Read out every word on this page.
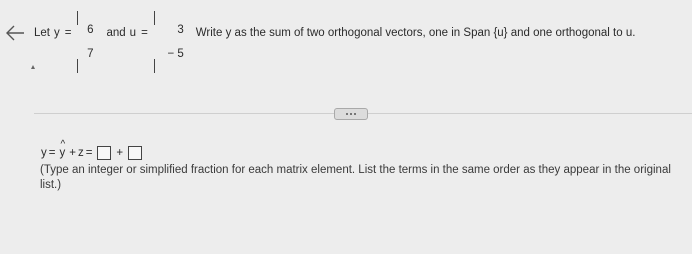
Let y =	6
7
and u =	3
− 5
Write y as the sum of two orthogonal vectors, one in Span {u} and one orthogonal to u.
y =
^
y + z = +
(Type an integer or simplified fraction for each matrix element. List the terms in the same order as they appear in the original list.)
